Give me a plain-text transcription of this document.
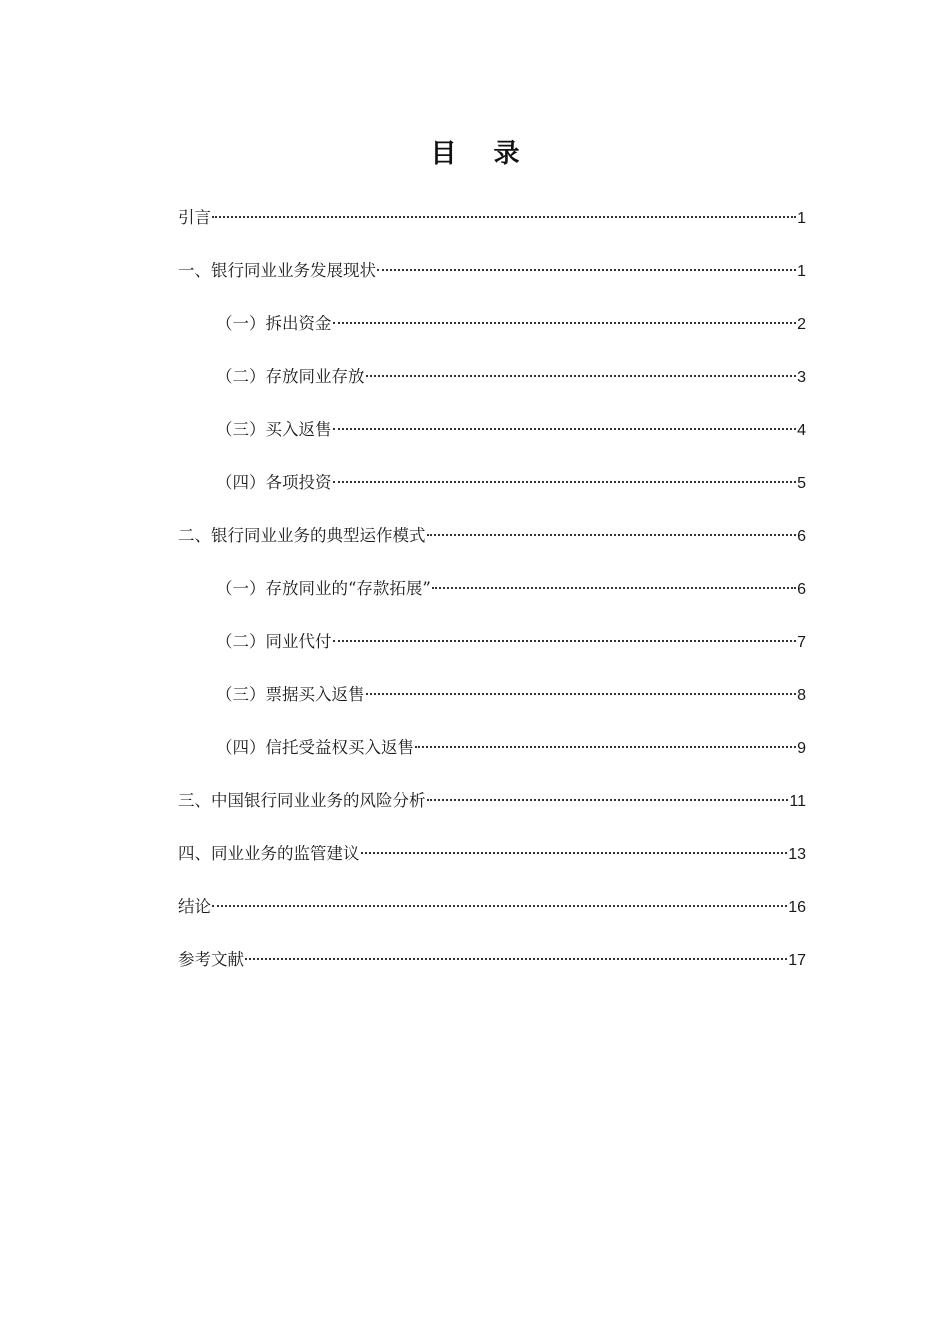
目 录
引言	1
一、银行同业业务发展现状	1
（一）拆出资金	2
（二）存放同业存放	3
（三）买入返售	4
（四）各项投资	5
二、银行同业业务的典型运作模式	6
（一）存放同业的“存款拓展”	6
（二）同业代付	7
（三）票据买入返售	8
（四）信托受益权买入返售	9
三、中国银行同业业务的风险分析	11
四、同业业务的监管建议	13
结论	16
参考文献	17
